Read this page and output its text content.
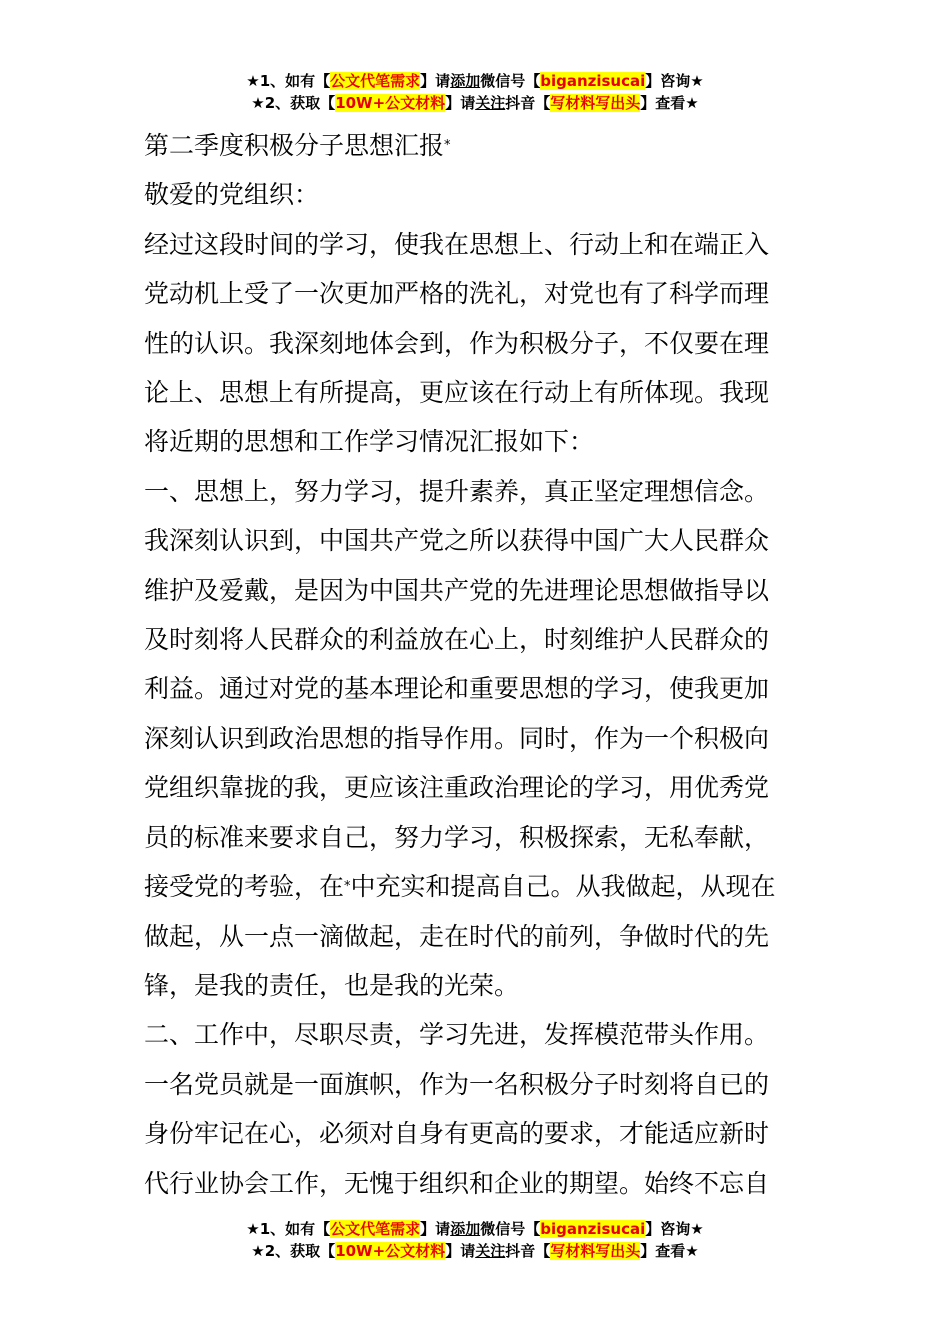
★1、如有【公文代笔需求】请添加微信号【biganzisucai】咨询★
★2、获取【10W+公文材料】请关注抖音【写材料写出头】查看★

第二季度积极分子思想汇报*

敬爱的党组织：

经过这段时间的学习，使我在思想上、行动上和在端正入

党动机上受了一次更加严格的洗礼，对党也有了科学而理

性的认识。我深刻地体会到，作为积极分子，不仅要在理

论上、思想上有所提高，更应该在行动上有所体现。我现

将近期的思想和工作学习情况汇报如下：

一、思想上，努力学习，提升素养，真正坚定理想信念。

我深刻认识到，中国共产党之所以获得中国广大人民群众

维护及爱戴，是因为中国共产党的先进理论思想做指导以

及时刻将人民群众的利益放在心上，时刻维护人民群众的

利益。通过对党的基本理论和重要思想的学习，使我更加

深刻认识到政治思想的指导作用。同时，作为一个积极向

党组织靠拢的我，更应该注重政治理论的学习，用优秀党

员的标准来要求自己，努力学习，积极探索，无私奉献，

接受党的考验，在*中充实和提高自己。从我做起，从现在

做起，从一点一滴做起，走在时代的前列，争做时代的先

锋，是我的责任，也是我的光荣。

二、工作中，尽职尽责，学习先进，发挥模范带头作用。

一名党员就是一面旗帜，作为一名积极分子时刻将自已的

身份牢记在心，必须对自身有更高的要求，才能适应新时

代行业协会工作，无愧于组织和企业的期望。始终不忘自

★1、如有【公文代笔需求】请添加微信号【biganzisucai】咨询★
★2、获取【10W+公文材料】请关注抖音【写材料写出头】查看★
